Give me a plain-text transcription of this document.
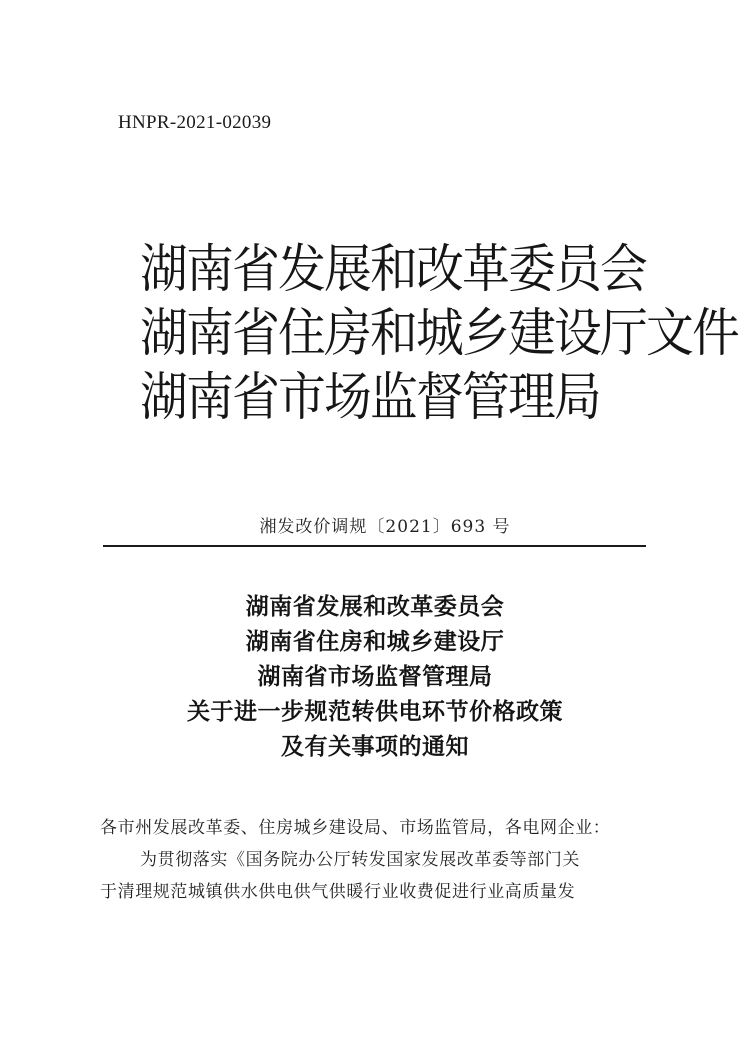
HNPR-2021-02039
湖南省发展和改革委员会
湖南省住房和城乡建设厅文件
湖南省市场监督管理局
湘发改价调规〔2021〕693 号
湖南省发展和改革委员会
湖南省住房和城乡建设厅
湖南省市场监督管理局
关于进一步规范转供电环节价格政策
及有关事项的通知
各市州发展改革委、住房城乡建设局、市场监管局，各电网企业：
为贯彻落实《国务院办公厅转发国家发展改革委等部门关
于清理规范城镇供水供电供气供暖行业收费促进行业高质量发
